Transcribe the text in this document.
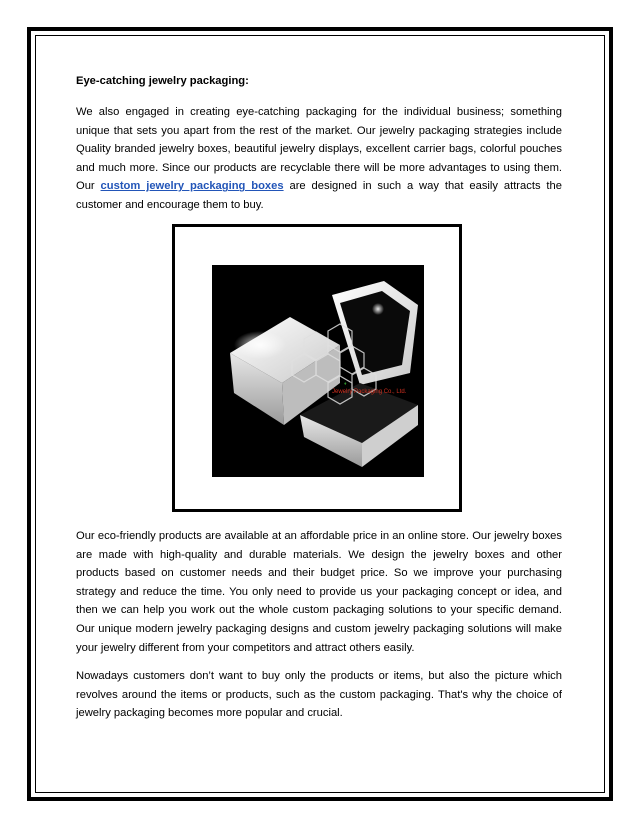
Eye-catching jewelry packaging:

We also engaged in creating eye-catching packaging for the individual business; something unique that sets you apart from the rest of the market. Our jewelry packaging strategies include Quality branded jewelry boxes, beautiful jewelry displays, excellent carrier bags, colorful pouches and much more. Since our products are recyclable there will be more advantages to using them. Our custom jewelry packaging boxes are designed in such a way that easily attracts the customer and encourage them to buy.

Jewelry Packaging Co., Ltd.
♦

Our eco-friendly products are available at an affordable price in an online store. Our jewelry boxes are made with high-quality and durable materials. We design the jewelry boxes and other products based on customer needs and their budget price. So we improve your purchasing strategy and reduce the time. You only need to provide us your packaging concept or idea, and then we can help you work out the whole custom packaging solutions to your specific demand. Our unique modern jewelry packaging designs and custom jewelry packaging solutions will make your jewelry different from your competitors and attract others easily.

Nowadays customers don’t want to buy only the products or items, but also the picture which revolves around the items or products, such as the custom packaging. That's why the choice of jewelry packaging becomes more popular and crucial.
